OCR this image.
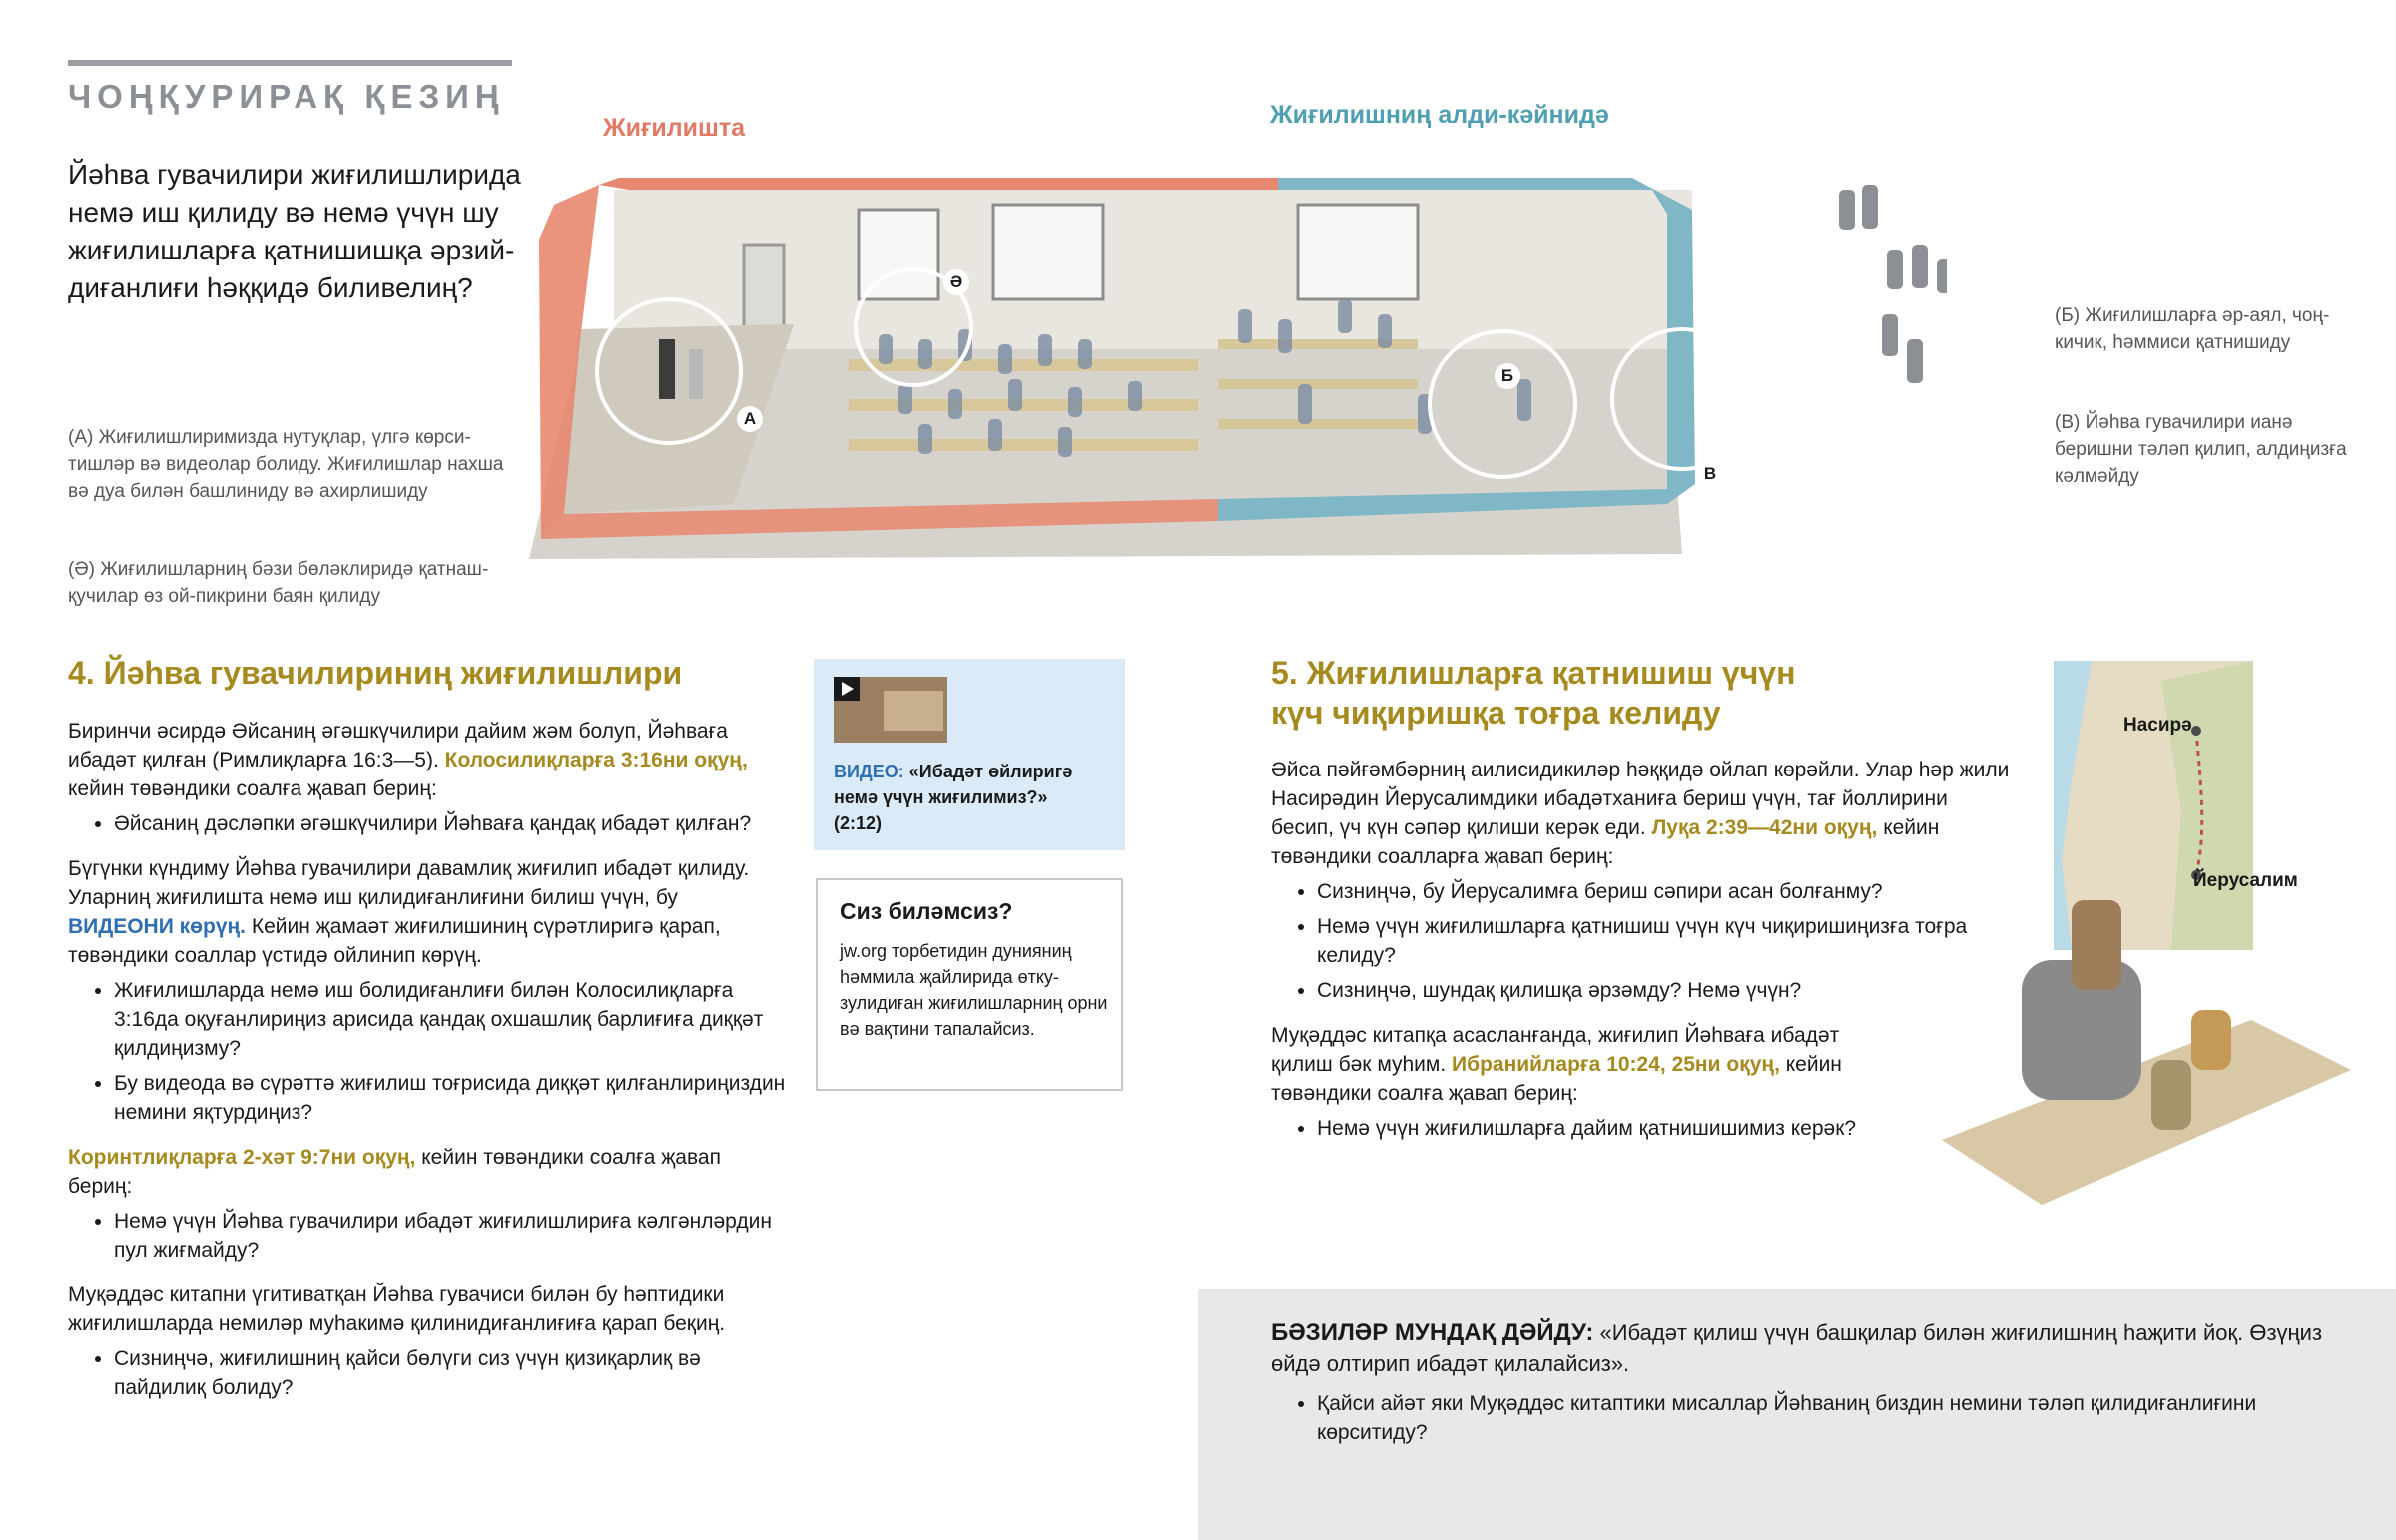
ЧОҢҚУРИРАҚ ҚЕЗИҢ
Йәһва гувачилири жиғилишлирида немә иш қилиду вә немә үчүн шу жиғилишларға қатнишишқа әрзийдиғанлиғи һәққидә биливелиң?
Жиғилишта	Жиғилишниң алди-кәйнидә
А
Ә
Б
В
(А) Жиғилишлиримизда нутуқлар, үлгә көрситишләр вә видеолар болиду. Жиғилишлар нахша вә дуа билән башлиниду вә ахирлишиду
(Ә) Жиғилишларниң бәзи бөләклиридә қатнашқучилар өз ой-пикрини баян қилиду
(Б) Жиғилишларға әр-аял, чоң-кичик, һәммиси қатнишиду
(В) Йәһва гувачилири ианә беришни тәләп қилип, алдиңизға кәлмәйду
4. Йәһва гувачилириниң жиғилишлири
Биринчи әсирдә Әйсаниң әгәшкүчилири дайим жәм болуп, Йәһваға ибадәт қилған (Римлиқларға 16:3—5). Колосилиқларға 3:16ни оқуң, кейин төвәндики соалға җавап бериң:
• Әйсаниң дәсләпки әгәшкүчилири Йәһваға қандақ ибадәт қилған?
Бүгүнки күндиму Йәһва гувачилири давамлиқ жиғилип ибадәт қилиду. Уларниң жиғилишта немә иш қилидиғанлиғини билиш үчүн, бу ВИДЕОНИ көрүң. Кейин җамаәт жиғилишиниң сүрәтлиригә қарап, төвәндики соаллар үстидә ойлинип көрүң.
• Жиғилишларда немә иш болидиғанлиғи билән Колосилиқларға 3:16да оқуғанлириңиз арисида қандақ охшашлиқ барлиғиға диққәт қилдиңизму?
• Бу видеода вә сүрәттә жиғилиш тоғрисида диққәт қилғанлириңиздин немини яқтурдиңиз?
Коринтлиқларға 2-хәт 9:7ни оқуң, кейин төвәндики соалға җавап бериң:
• Немә үчүн Йәһва гувачилири ибадәт жиғилишлириға кәлгәнләрдин пул жиғмайду?
Муқәддәс китапни үгитиватқан Йәһва гувачиси билән бу һәптидики жиғилишларда немиләр муһакимә қилинидиғанлиғиға қарап беқиң.
• Сизниңчә, жиғилишниң қайси бөлүги сиз үчүн қизиқарлиқ вә пайдилиқ болиду?
ВИДЕО: «Ибадәт өйлиригә немә үчүн жиғилимиз?»
(2:12)
Сиз биләмсиз?
jw.org торбетидин дунияниң һәммила җайлирида өткузулидиған жиғилишларниң орни вә вақтини тапалайсиз.
5. Жиғилишларға қатнишиш үчүн
күч чиқиришқа тоғра келиду
Әйса пәйғәмбәрниң аилисидикиләр һәққидә ойлап көрәйли. Улар һәр жили Насирәдин Йерусалимдики ибадәтханиға бериш үчүн, тағ йоллирини бесип, үч күн сәпәр қилиши керәк еди. Луқа 2:39—42ни оқуң, кейин төвәндики соалларға җавап бериң:
• Сизниңчә, бу Йерусалимға бериш сәпири асан болғанму?
• Немә үчүн жиғилишларға қатнишиш үчүн күч чиқиришиңизға тоғра келиду?
• Сизниңчә, шундақ қилишқа әрзәмду? Немә үчүн?
Муқәддәс китапқа асасланғанда, жиғилип Йәһваға ибадәт қилиш бәк муһим. Ибранийларға 10:24, 25ни оқуң, кейин төвәндики соалға җавап бериң:
• Немә үчүн жиғилишларға дайим қатнишишимиз керәк?
Насирә
Йерусалим
БӘЗИЛӘР МУНДАҚ ДӘЙДУ: «Ибадәт қилиш үчүн башқилар билән жиғилишниң һаҗити йоқ. Өзүңиз өйдә олтирип ибадәт қилалайсиз».
• Қайси айәт яки Муқәддәс китаптики мисаллар Йәһваниң биздин немини тәләп қилидиғанлиғини көрситиду?
